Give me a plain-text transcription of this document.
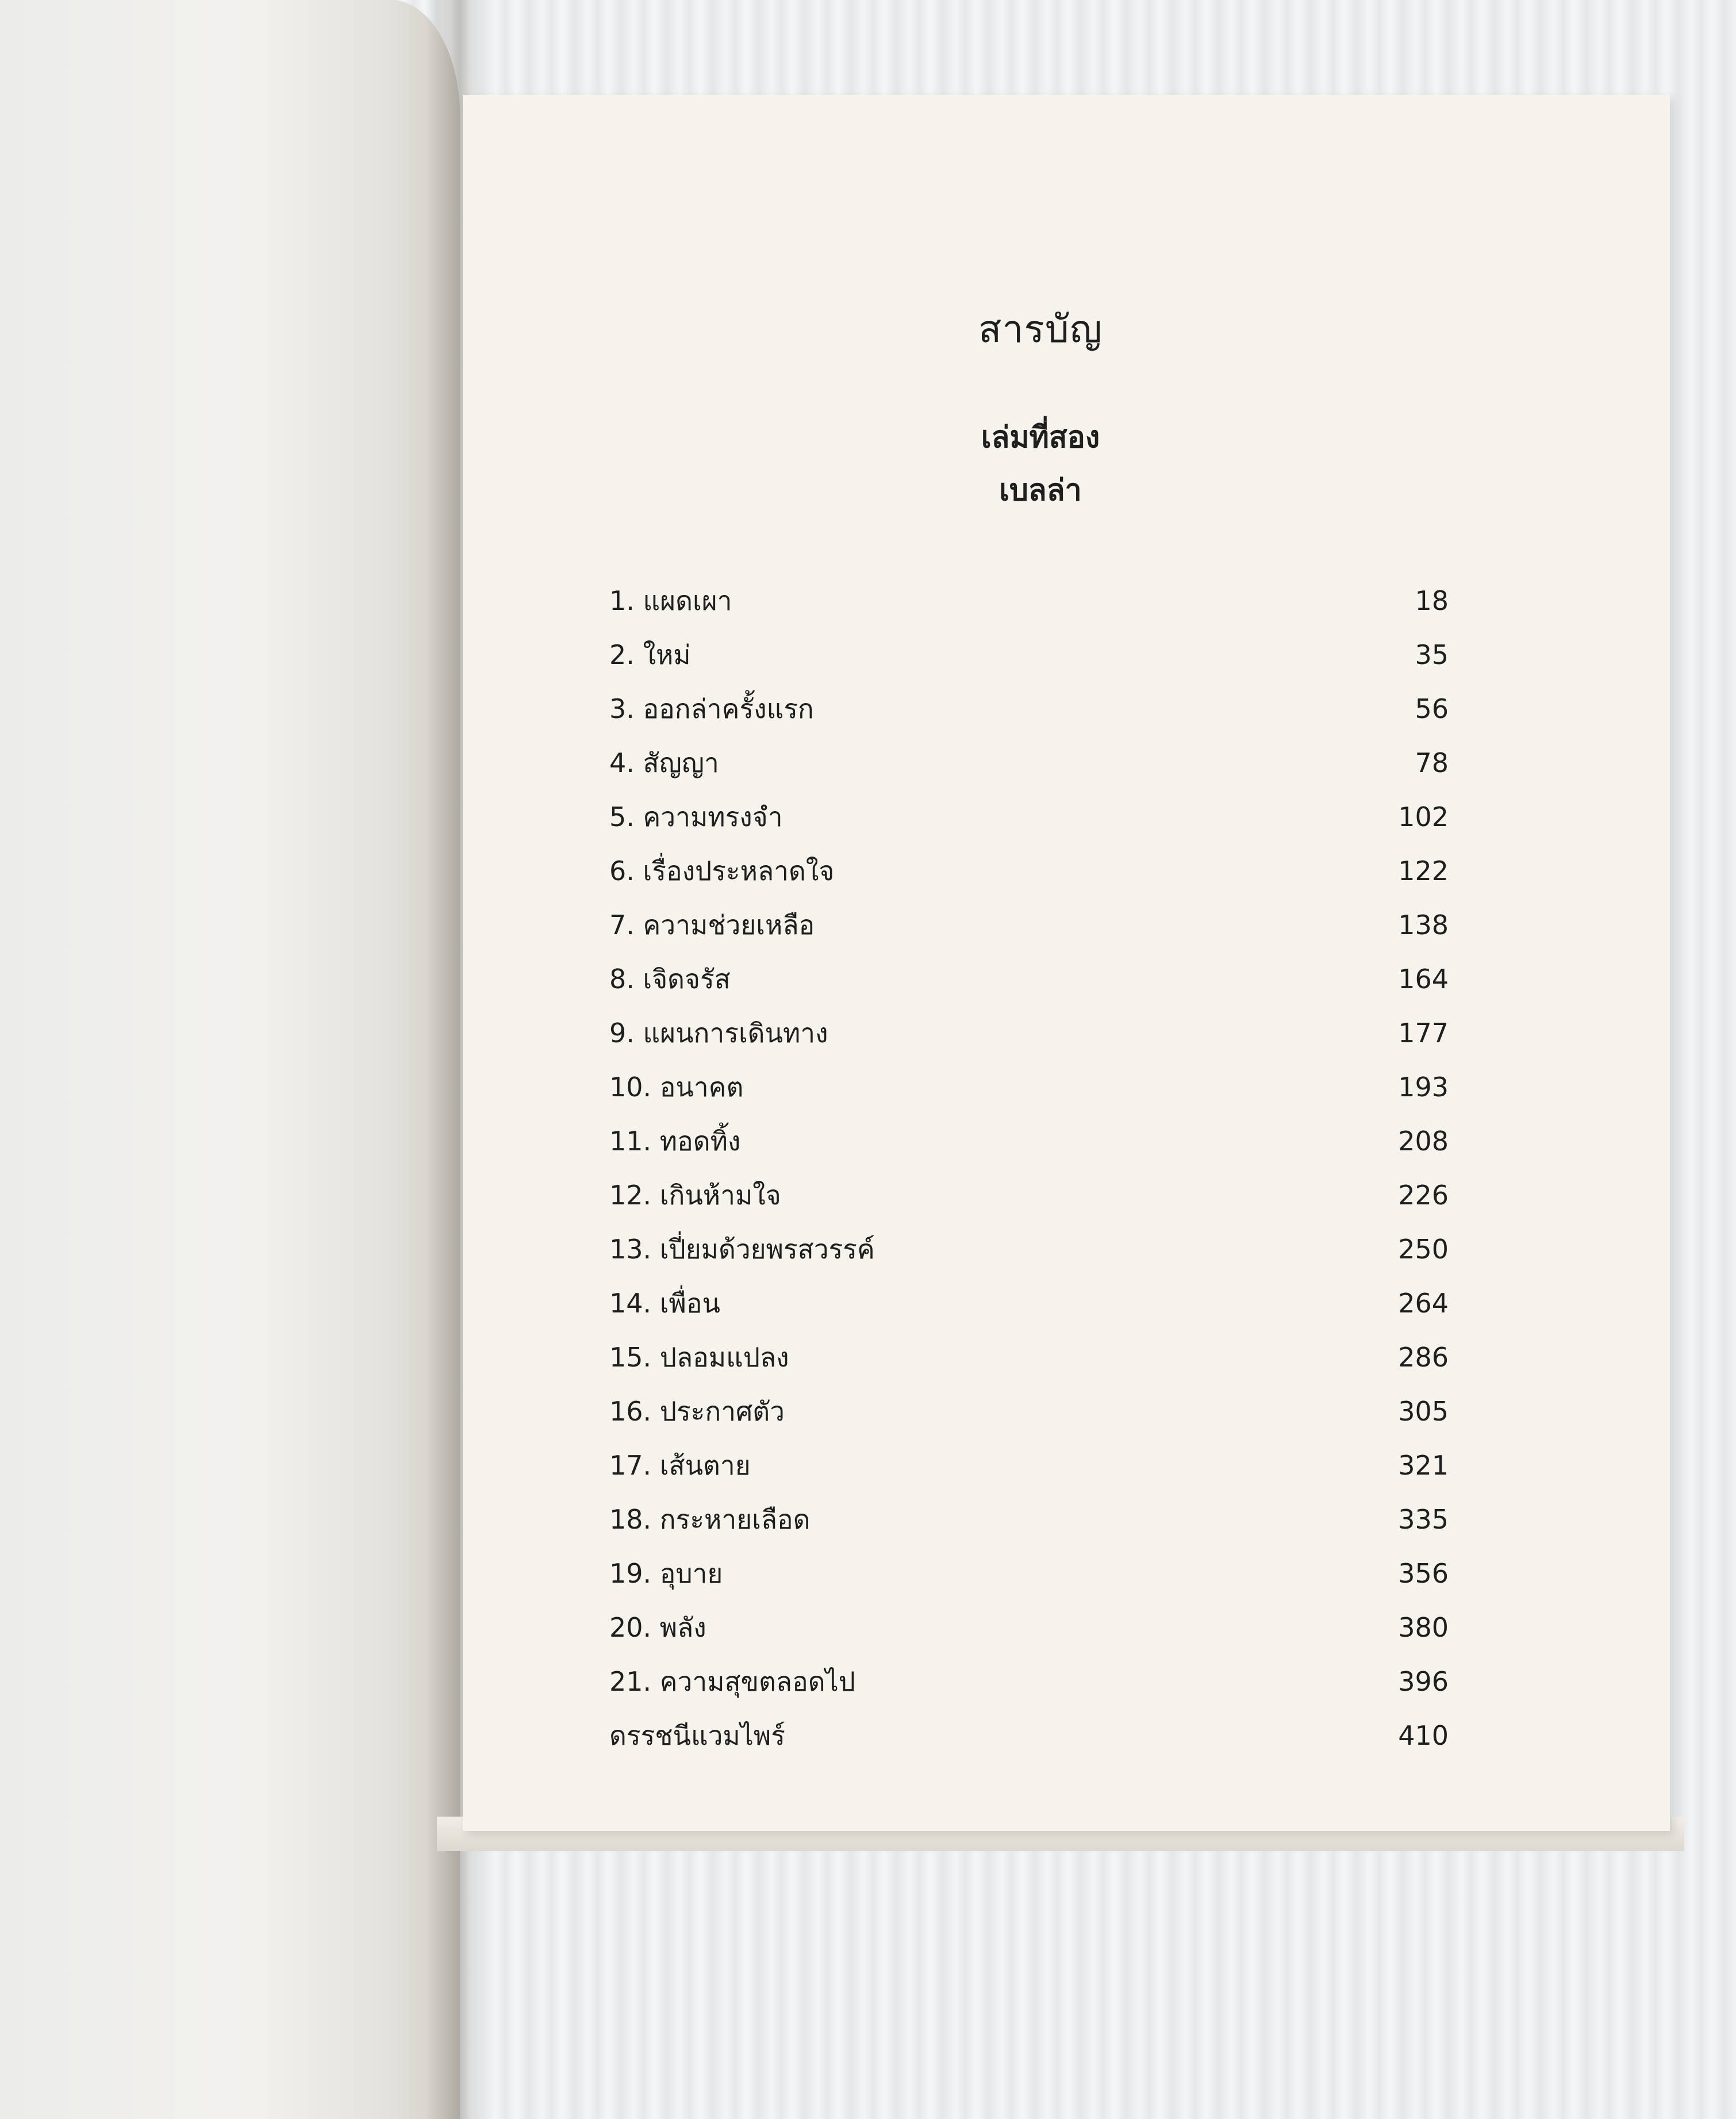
สารบัญ

เล่มที่สอง

เบลล่า

1. แผดเผา	18
2. ใหม่	35
3. ออกล่าครั้งแรก	56
4. สัญญา	78
5. ความทรงจำ	102
6. เรื่องประหลาดใจ	122
7. ความช่วยเหลือ	138
8. เจิดจรัส	164
9. แผนการเดินทาง	177
10. อนาคต	193
11. ทอดทิ้ง	208
12. เกินห้ามใจ	226
13. เปี่ยมด้วยพรสวรรค์	250
14. เพื่อน	264
15. ปลอมแปลง	286
16. ประกาศตัว	305
17. เส้นตาย	321
18. กระหายเลือด	335
19. อุบาย	356
20. พลัง	380
21. ความสุขตลอดไป	396
ดรรชนีแวมไพร์	410
